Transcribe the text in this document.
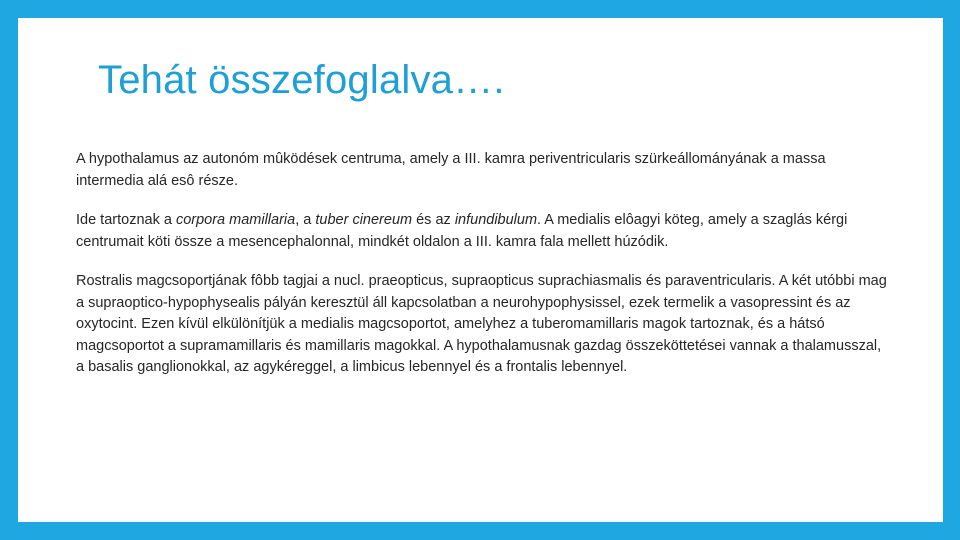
Tehát összefoglalva….

A hypothalamus az autonóm mûködések centruma, amely a III. kamra periventricularis szürkeállományának a massa intermedia alá esô része.

Ide tartoznak a corpora mamillaria, a tuber cinereum és az infundibulum. A medialis elôagyi köteg, amely a szaglás kérgi centrumait köti össze a mesencephalonnal, mindkét oldalon a III. kamra fala mellett húzódik.

Rostralis magcsoportjának fôbb tagjai a nucl. praeopticus, supraopticus suprachiasmalis és paraventricularis. A két utóbbi mag a supraoptico-hypophysealis pályán keresztül áll kapcsolatban a neurohypophysissel, ezek termelik a vasopressint és az oxytocint. Ezen kívül elkülönítjük a medialis magcsoportot, amelyhez a tuberomamillaris magok tartoznak, és a hátsó magcsoportot a supramamillaris és mamillaris magokkal. A hypothalamusnak gazdag összeköttetései vannak a thalamusszal, a basalis ganglionokkal, az agykéreggel, a limbicus lebennyel és a frontalis lebennyel.
